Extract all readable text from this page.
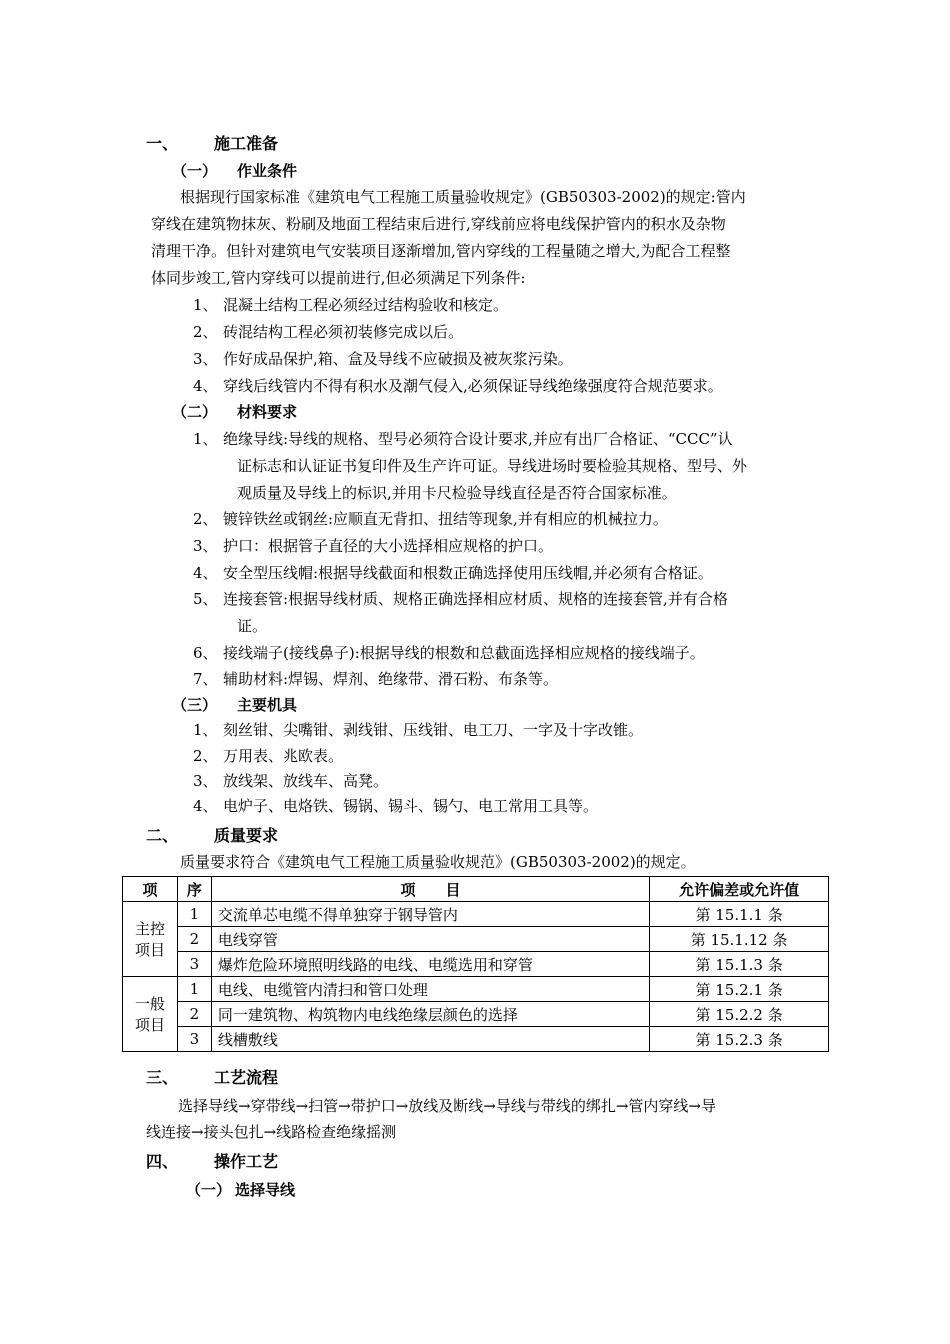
一、 施工准备
（一） 作业条件
根据现行国家标准《建筑电气工程施工质量验收规定》(GB50303-2002)的规定:管内
穿线在建筑物抹灰、粉刷及地面工程结束后进行,穿线前应将电线保护管内的积水及杂物
清理干净。但针对建筑电气安装项目逐渐增加,管内穿线的工程量随之增大,为配合工程整
体同步竣工,管内穿线可以提前进行,但必须满足下列条件:
1、 混凝土结构工程必须经过结构验收和核定。
2、 砖混结构工程必须初装修完成以后。
3、 作好成品保护,箱、盒及导线不应破损及被灰浆污染。
4、 穿线后线管内不得有积水及潮气侵入,必须保证导线绝缘强度符合规范要求。
（二） 材料要求
1、 绝缘导线:导线的规格、型号必须符合设计要求,并应有出厂合格证、“CCC”认
证标志和认证证书复印件及生产许可证。导线进场时要检验其规格、型号、外
观质量及导线上的标识,并用卡尺检验导线直径是否符合国家标准。
2、 镀锌铁丝或钢丝:应顺直无背扣、扭结等现象,并有相应的机械拉力。
3、 护口：根据管子直径的大小选择相应规格的护口。
4、 安全型压线帽:根据导线截面和根数正确选择使用压线帽,并必须有合格证。
5、 连接套管:根据导线材质、规格正确选择相应材质、规格的连接套管,并有合格
证。
6、 接线端子(接线鼻子):根据导线的根数和总截面选择相应规格的接线端子。
7、 辅助材料:焊锡、焊剂、绝缘带、滑石粉、布条等。
（三） 主要机具
1、 刻丝钳、尖嘴钳、剥线钳、压线钳、电工刀、一字及十字改锥。
2、 万用表、兆欧表。
3、 放线架、放线车、高凳。
4、 电炉子、电烙铁、锡锅、锡斗、锡勺、电工常用工具等。
二、 质量要求
质量要求符合《建筑电气工程施工质量验收规范》(GB50303-2002)的规定。
项	序	项　　目	允许偏差或允许值

主控
项目	1	交流单芯电缆不得单独穿于钢导管内	第 15.1.1 条
	2	电线穿管	第 15.1.12 条
	3	爆炸危险环境照明线路的电线、电缆选用和穿管	第 15.1.3 条

一般
项目	1	电线、电缆管内清扫和管口处理	第 15.2.1 条
	2	同一建筑物、构筑物内电线绝缘层颜色的选择	第 15.2.2 条
	3	线槽敷线	第 15.2.3 条
三、 工艺流程
选择导线→穿带线→扫管→带护口→放线及断线→导线与带线的绑扎→管内穿线→导
线连接→接头包扎→线路检查绝缘摇测
四、 操作工艺
（一） 选择导线
